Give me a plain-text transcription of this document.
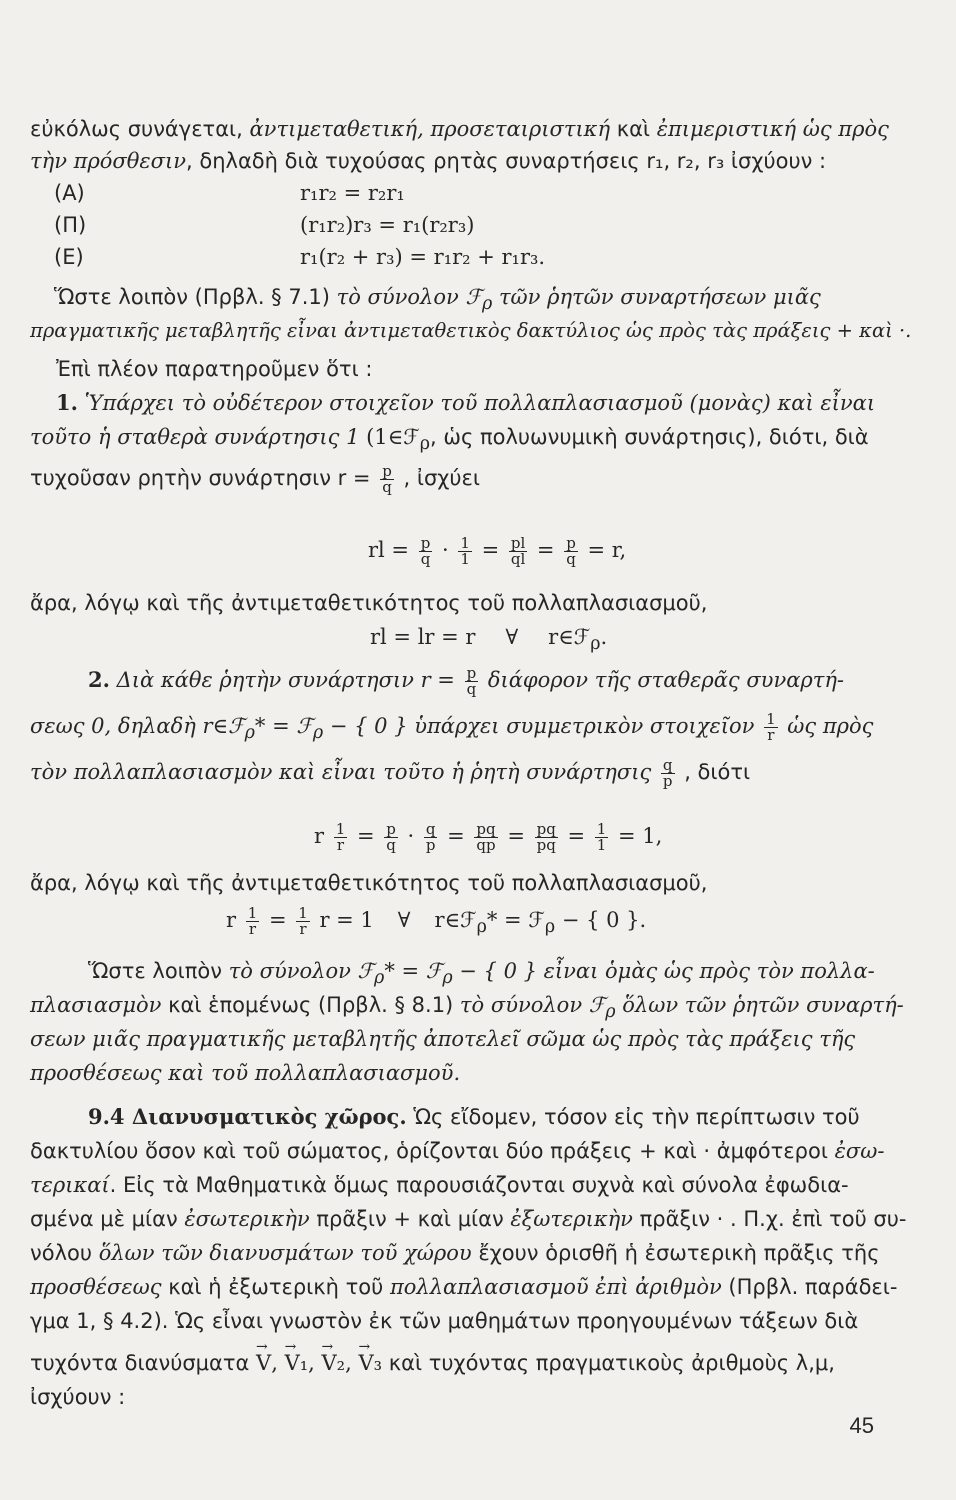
εὐκόλως συνάγεται, ἀντιμεταθετική, προσεταιριστική καὶ ἐπιμεριστική ὡς πρὸς
τὴν πρόσθεσιν, δηλαδὴ διὰ τυχούσας ρητὰς συναρτήσεις r₁, r₂, r₃ ἰσχύουν :
(A)	r₁r₂ = r₂r₁
(Π)	(r₁r₂)r₃ = r₁(r₂r₃)
(E)	r₁(r₂ + r₃) = r₁r₂ + r₁r₃.
Ὥστε λοιπὸν (Πρβλ. § 7.1) τὸ σύνολον ℱ$_\rho$ τῶν ῥητῶν συναρτήσεων μιᾶς
πραγματικῆς μεταβλητῆς εἶναι ἀντιμεταθετικὸς δακτύλιος ὡς πρὸς τὰς πράξεις + καὶ ·.
Ἐπὶ πλέον παρατηροῦμεν ὅτι :
1. Ὑπάρχει τὸ οὐδέτερον στοιχεῖον τοῦ πολλαπλασιασμοῦ (μονὰς) καὶ εἶναι
τοῦτο ἡ σταθερὰ συνάρτησις 1 (1∈ℱ$_\rho$, ὡς πολυωνυμικὴ συνάρτησις), διότι, διὰ
τυχοῦσαν ρητὴν συνάρτησιν $r = \frac{p}{q}$ , ἰσχύει
rl = $\frac{p}{q} \cdot \frac{1}{1} = \frac{pl}{ql} = \frac{p}{q} = r$,
ἄρα, λόγῳ καὶ τῆς ἀντιμεταθετικότητος τοῦ πολλαπλασιασμοῦ,
rl = lr = r ∀ r∈ℱ$_\rho$.
2. Διὰ κάθε ῥητὴν συνάρτησιν $r = \frac{p}{q}$ διάφορον τῆς σταθερᾶς συναρτή-
σεως 0, δηλαδὴ r∈ℱ$_\rho$* = ℱ$_\rho$ − { 0 } ὑπάρχει συμμετρικὸν στοιχεῖον $\frac{1}{r}$ ὡς πρὸς
τὸν πολλαπλασιασμὸν καὶ εἶναι τοῦτο ἡ ῥητὴ συνάρτησις $\frac{q}{p}$ , διότι
r $\frac{1}{r} = \frac{p}{q} \cdot \frac{q}{p} = \frac{pq}{qp} = \frac{pq}{pq} = \frac{1}{1} = 1$,
ἄρα, λόγῳ καὶ τῆς ἀντιμεταθετικότητος τοῦ πολλαπλασιασμοῦ,
r $\frac{1}{r} = \frac{1}{r}$ r = 1 ∀ r∈ℱ$_\rho$* = ℱ$_\rho$ − { 0 }.
Ὥστε λοιπὸν τὸ σύνολον ℱ$_\rho$* = ℱ$_\rho$ − { 0 } εἶναι ὁμὰς ὡς πρὸς τὸν πολλα-
πλασιασμὸν καὶ ἑπομένως (Πρβλ. § 8.1) τὸ σύνολον ℱ$_\rho$ ὅλων τῶν ῥητῶν συναρτή-
σεων μιᾶς πραγματικῆς μεταβλητῆς ἀποτελεῖ σῶμα ὡς πρὸς τὰς πράξεις τῆς
προσθέσεως καὶ τοῦ πολλαπλασιασμοῦ.
9.4 Διανυσματικὸς χῶρος. Ὡς εἴδομεν, τόσον εἰς τὴν περίπτωσιν τοῦ
δακτυλίου ὅσον καὶ τοῦ σώματος, ὁρίζονται δύο πράξεις + καὶ · ἀμφότεροι ἐσω-
τερικαί. Εἰς τὰ Μαθηματικὰ ὅμως παρουσιάζονται συχνὰ καὶ σύνολα ἐφωδια-
σμένα μὲ μίαν ἐσωτερικὴν πρᾶξιν + καὶ μίαν ἐξωτερικὴν πρᾶξιν · . Π.χ. ἐπὶ τοῦ συ-
νόλου ὅλων τῶν διανυσμάτων τοῦ χώρου ἔχουν ὁρισθῆ ἡ ἐσωτερικὴ πρᾶξις τῆς
προσθέσεως καὶ ἡ ἐξωτερικὴ τοῦ πολλαπλασιασμοῦ ἐπὶ ἀριθμὸν (Πρβλ. παράδει-
γμα 1, § 4.2). Ὡς εἶναι γνωστὸν ἐκ τῶν μαθημάτων προηγουμένων τάξεων διὰ
τυχόντα διανύσματα → V, → V₁, → V₂, → V₃ καὶ τυχόντας πραγματικοὺς ἀριθμοὺς λ,μ,
ἰσχύουν :
45
